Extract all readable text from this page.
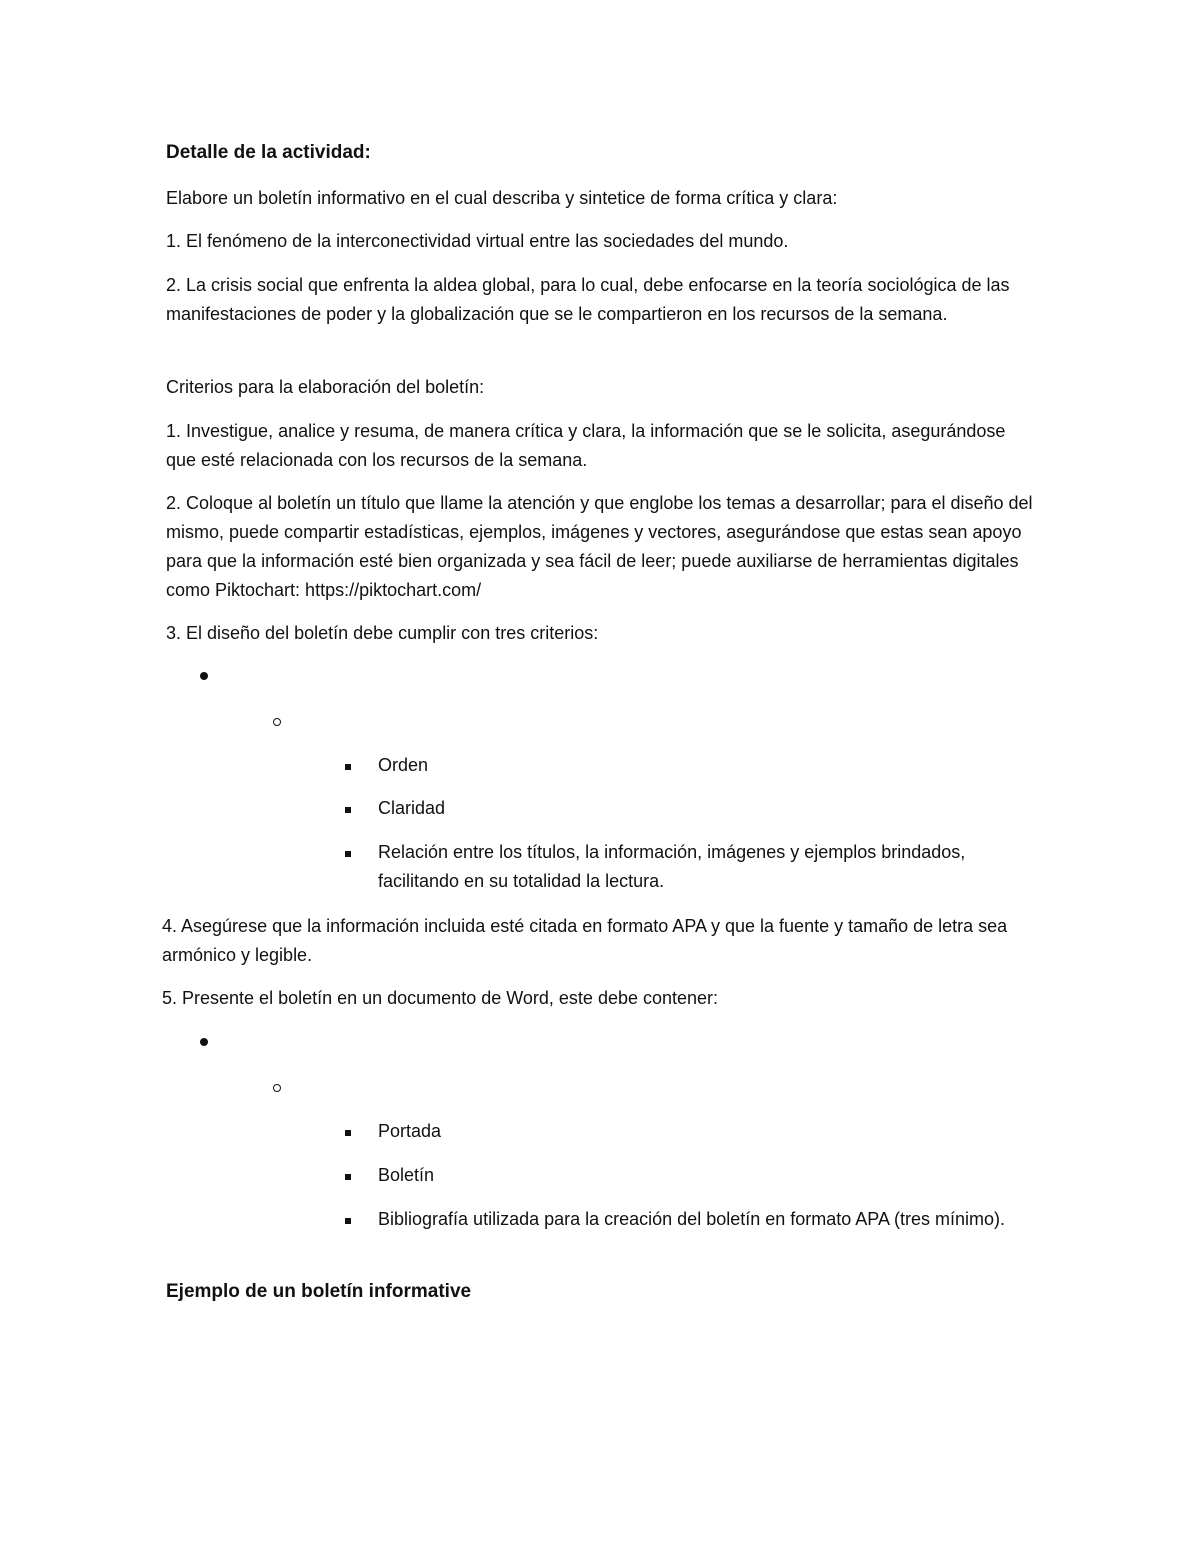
Detalle de la actividad:

Elabore un boletín informativo en el cual describa y sintetice de forma crítica y clara:

1. El fenómeno de la interconectividad virtual entre las sociedades del mundo.

2. La crisis social que enfrenta la aldea global, para lo cual, debe enfocarse en la teoría sociológica de las manifestaciones de poder y la globalización que se le compartieron en los recursos de la semana.

Criterios para la elaboración del boletín:

1. Investigue, analice y resuma, de manera crítica y clara, la información que se le solicita, asegurándose que esté relacionada con los recursos de la semana.

2. Coloque al boletín un título que llame la atención y que englobe los temas a desarrollar; para el diseño del mismo, puede compartir estadísticas, ejemplos, imágenes y vectores, asegurándose que estas sean apoyo para que la información esté bien organizada y sea fácil de leer; puede auxiliarse de herramientas digitales como Piktochart: https://piktochart.com/

3. El diseño del boletín debe cumplir con tres criterios:

Orden

Claridad

Relación entre los títulos, la información, imágenes y ejemplos brindados, facilitando en su totalidad la lectura.

4. Asegúrese que la información incluida esté citada en formato APA y que la fuente y tamaño de letra sea armónico y legible.

5. Presente el boletín en un documento de Word, este debe contener:

Portada

Boletín

Bibliografía utilizada para la creación del boletín en formato APA (tres mínimo).

Ejemplo de un boletín informative
